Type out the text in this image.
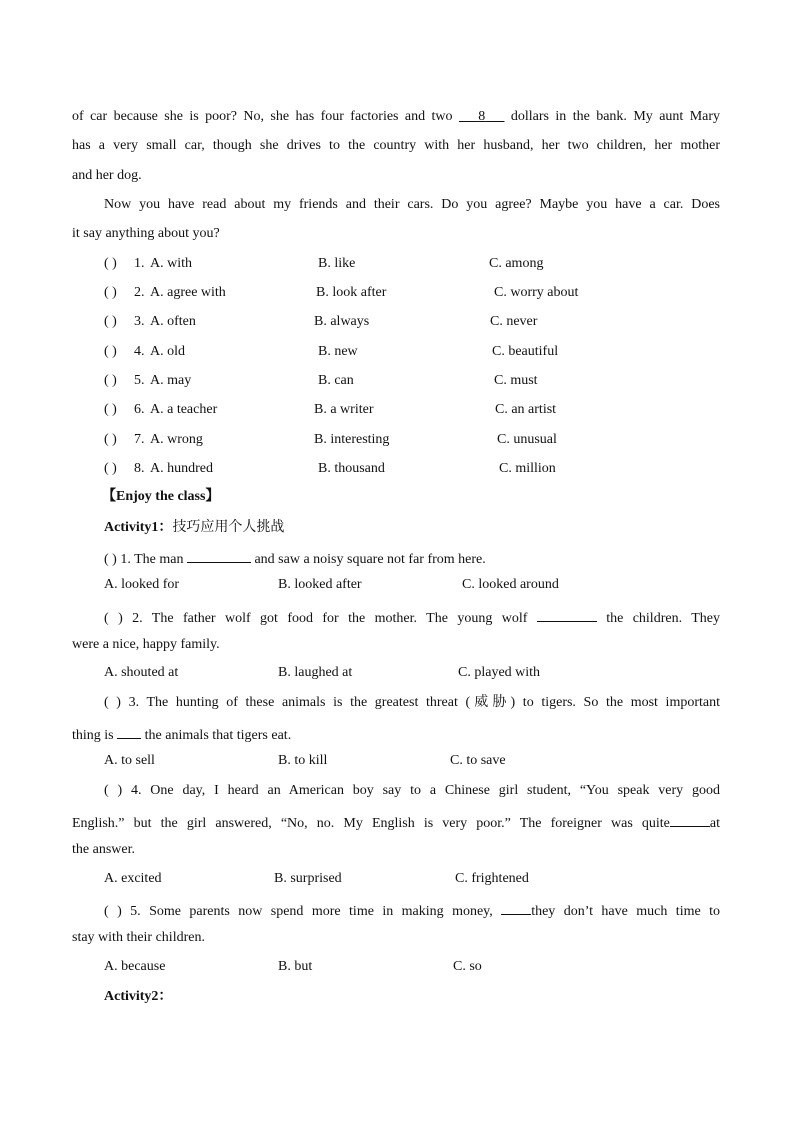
of car because she is poor? No, she has four factories and two 8 dollars in the bank. My aunt Mary
has a very small car, though she drives to the country with her husband, her two children, her mother
and her dog.
Now you have read about my friends and their cars. Do you agree? Maybe you have a car. Does
it say anything about you?
( ) 1. A. with	B. like	C. among
( ) 2. A. agree with	B. look after	C. worry about
( ) 3. A. often	B. always	C. never
( ) 4. A. old	B. new	C. beautiful
( ) 5. A. may	B. can	C. must
( ) 6. A. a teacher	B. a writer	C. an artist
( ) 7. A. wrong	B. interesting	C. unusual
( ) 8. A. hundred	B. thousand	C. million
【Enjoy the class】
Activity1：技巧应用个人挑战
( ) 1. The man	and saw a noisy square not far from here.
A. looked for	B. looked after	C. looked around
( ) 2. The father wolf got food for the mother. The young wolf	the children. They
were a nice, happy family.
A. shouted at	B. laughed at	C. played with
( ) 3. The hunting of these animals is the greatest threat (威胁) to tigers. So the most important
thing is the animals that tigers eat.
A. to sell	B. to kill	C. to save
( ) 4. One day, I heard an American boy say to a Chinese girl student, “You speak very good
English.” but the girl answered, “No, no. My English is very poor.” The foreigner was quite	at
the answer.
A. excited	B. surprised	C. frightened
( ) 5. Some parents now spend more time in making money,	they don’t have much time to
stay with their children.
A. because	B. but	C. so
Activity2：
